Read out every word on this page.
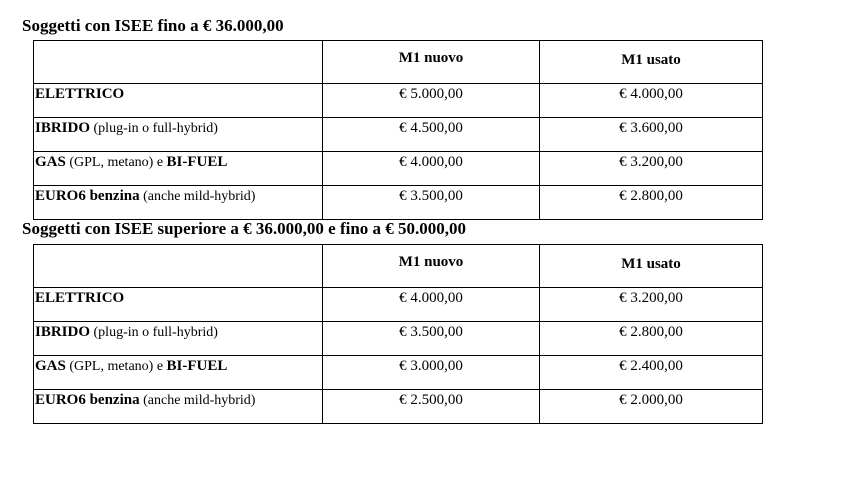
Soggetti con ISEE fino a € 36.000,00
	M1 nuovo	M1 usato
ELETTRICO	€ 5.000,00	€ 4.000,00
IBRIDO (plug-in o full-hybrid)	€ 4.500,00	€ 3.600,00
GAS (GPL, metano) e BI-FUEL	€ 4.000,00	€ 3.200,00
EURO6 benzina (anche mild-hybrid)	€ 3.500,00	€ 2.800,00
Soggetti con ISEE superiore a € 36.000,00 e fino a € 50.000,00
	M1 nuovo	M1 usato
ELETTRICO	€ 4.000,00	€ 3.200,00
IBRIDO (plug-in o full-hybrid)	€ 3.500,00	€ 2.800,00
GAS (GPL, metano) e BI-FUEL	€ 3.000,00	€ 2.400,00
EURO6 benzina (anche mild-hybrid)	€ 2.500,00	€ 2.000,00
